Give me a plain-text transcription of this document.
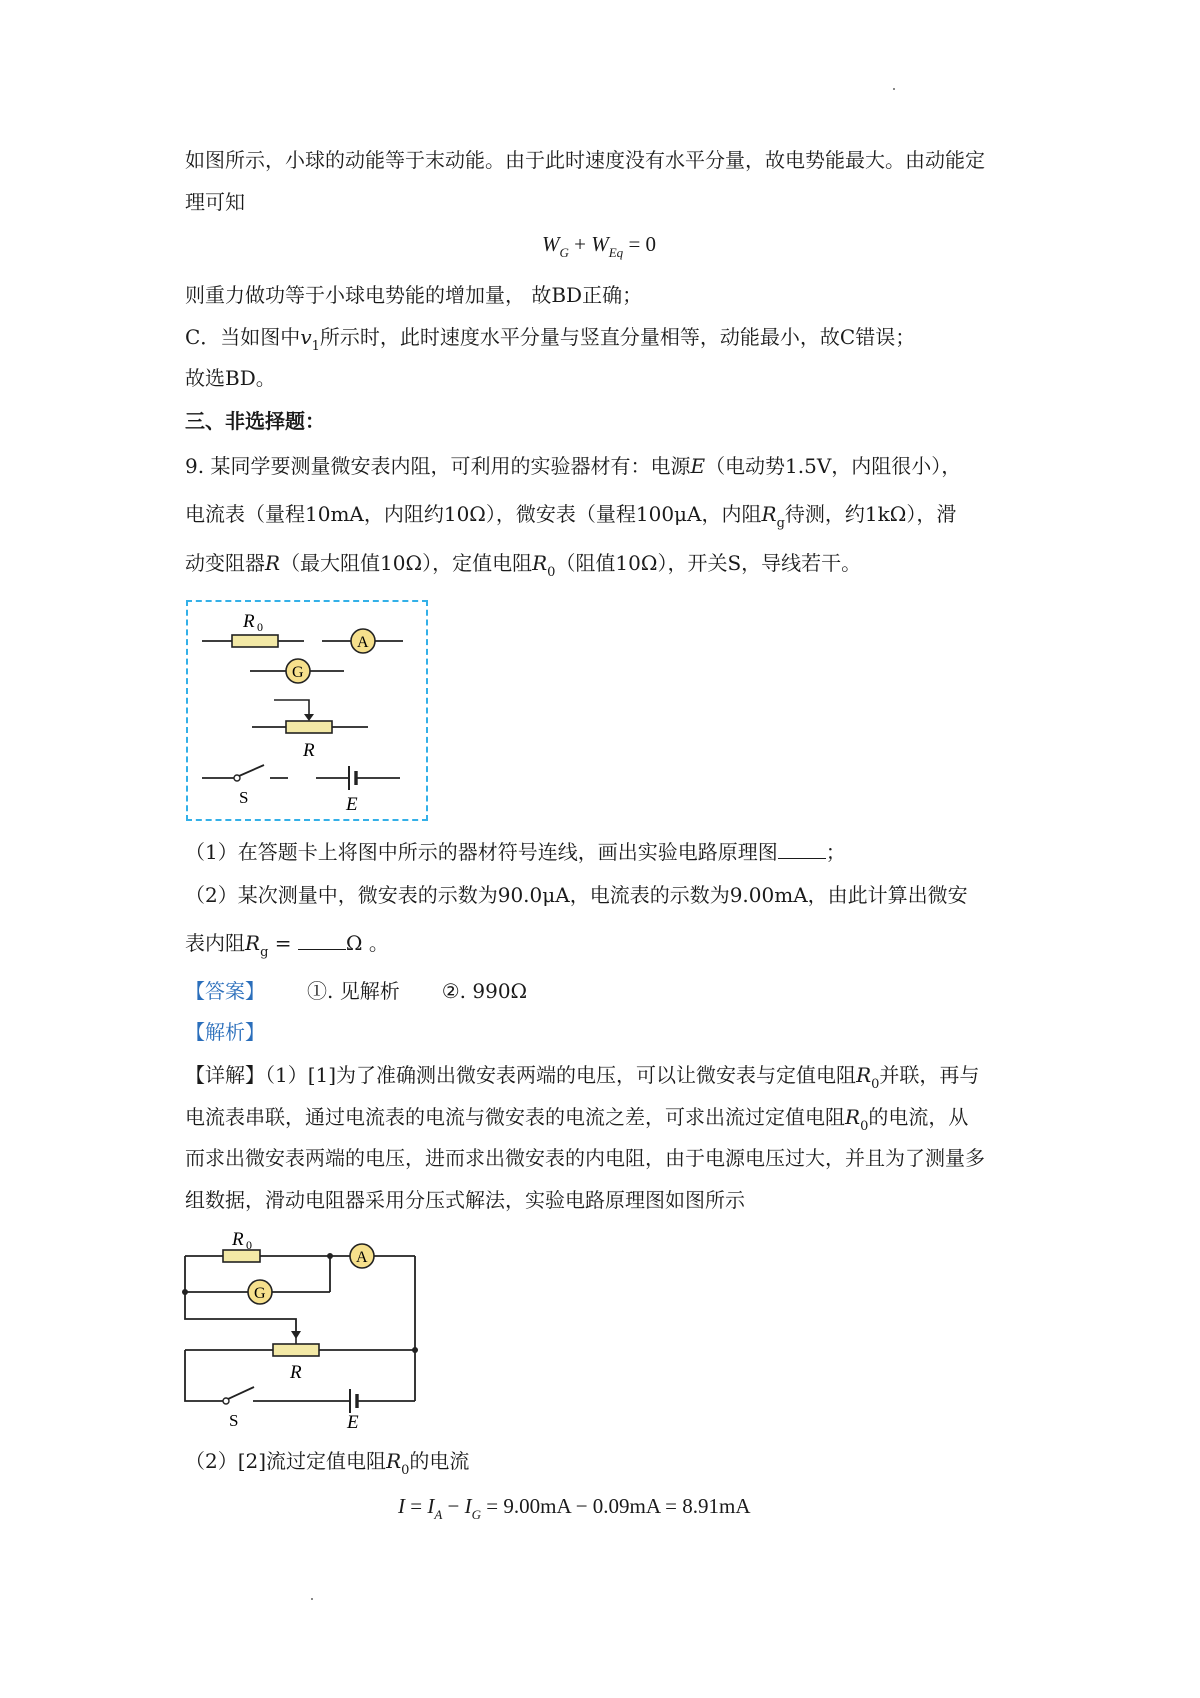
如图所示，小球的动能等于末动能。由于此时速度没有水平分量，故电势能最大。由动能定
理可知
$W_G + W_{Eq} = 0$
则重力做功等于小球电势能的增加量， 故BD正确；
C．当如图中$v_1$所示时，此时速度水平分量与竖直分量相等，动能最小，故C错误；
故选BD。
三、非选择题：
9. 某同学要测量微安表内阻，可利用的实验器材有：电源E（电动势1.5V，内阻很小），
电流表（量程10mA，内阻约10Ω），微安表（量程100μA，内阻$R_g$待测，约1kΩ），滑
动变阻器R（最大阻值10Ω），定值电阻$R_0$（阻值10Ω），开关S，导线若干。
R 0
A
G
R
S	E
（1）在答题卡上将图中所示的器材符号连线，画出实验电路原理图 ；
（2）某次测量中，微安表的示数为90.0μA，电流表的示数为9.00mA，由此计算出微安
表内阻$R_g = \Omega$ 。
【答案】 ①. 见解析 ②. 990Ω
【解析】
【详解】（1）[1]为了准确测出微安表两端的电压，可以让微安表与定值电阻$R_0$并联，再与
电流表串联，通过电流表的电流与微安表的电流之差，可求出流过定值电阻$R_0$的电流，从
而求出微安表两端的电压，进而求出微安表的内电阻，由于电源电压过大，并且为了测量多
组数据，滑动电阻器采用分压式解法，实验电路原理图如图所示
R 0
A
G
R
S	E
（2）[2]流过定值电阻$R_0$的电流
$I = I_A - I_G = 9.00mA - 0.09mA = 8.91mA$
